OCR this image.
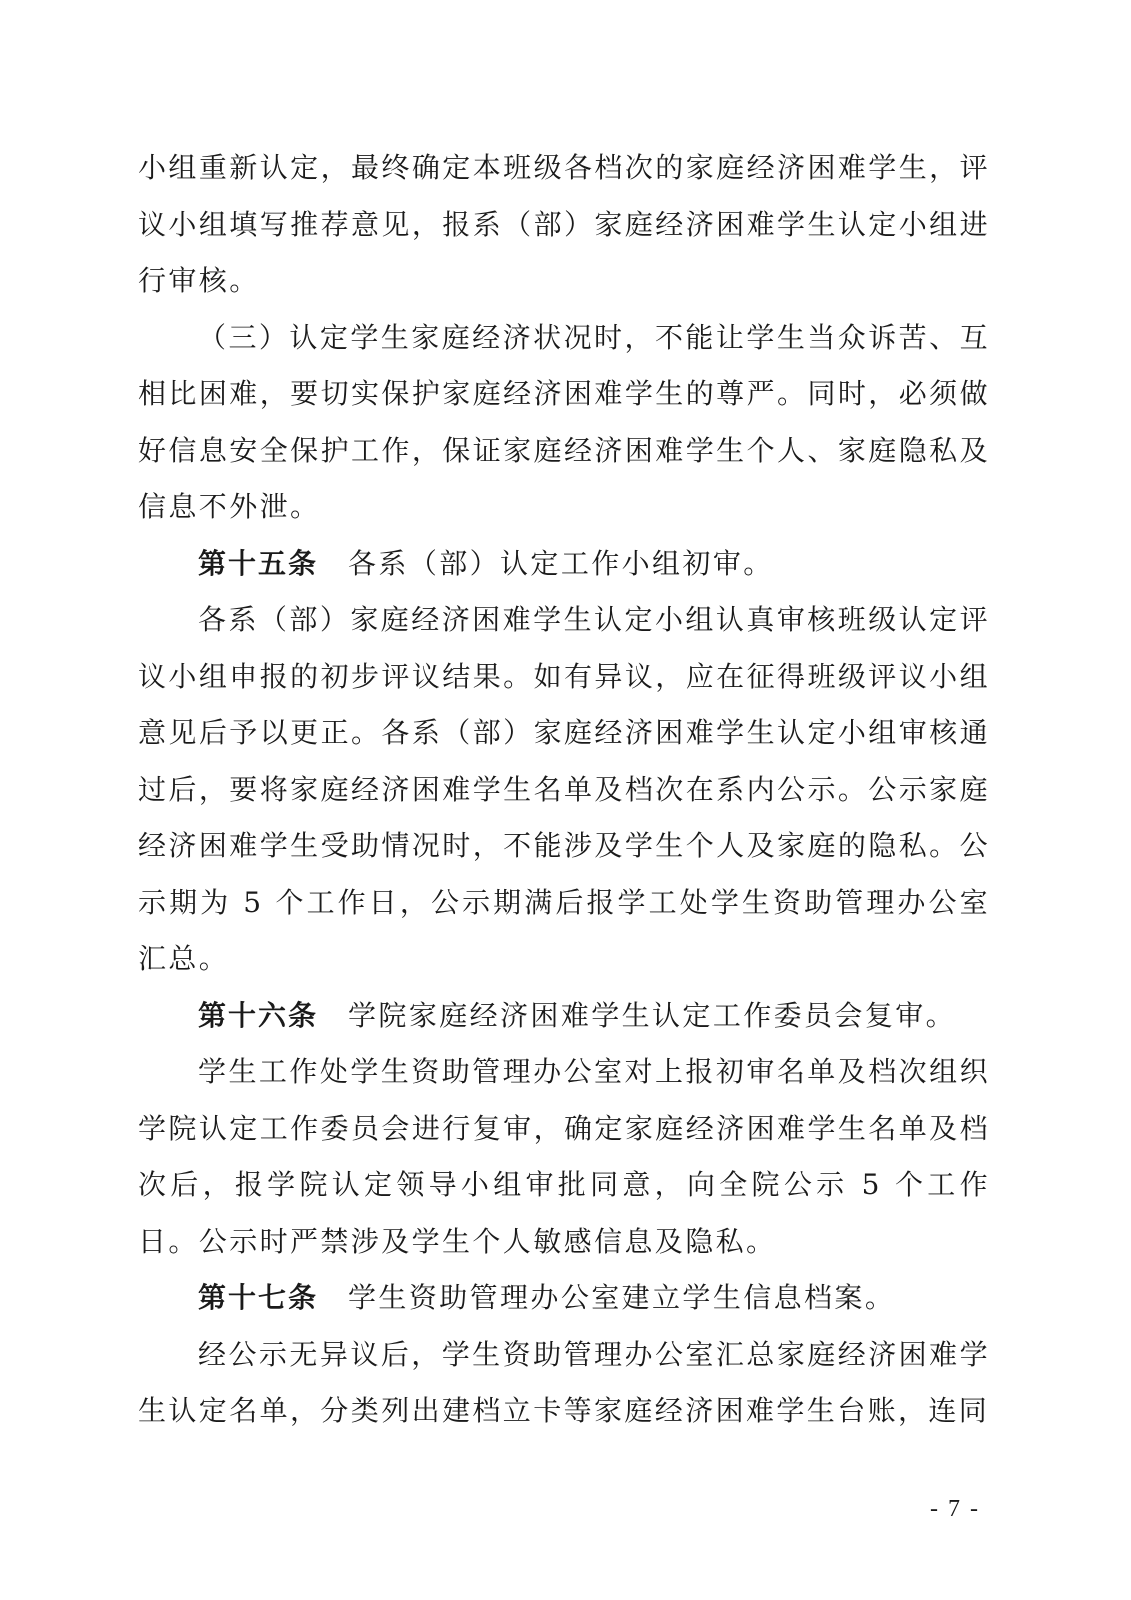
小组重新认定，最终确定本班级各档次的家庭经济困难学生，评议小组填写推荐意见，报系（部）家庭经济困难学生认定小组进行审核。

（三）认定学生家庭经济状况时，不能让学生当众诉苦、互相比困难，要切实保护家庭经济困难学生的尊严。同时，必须做好信息安全保护工作，保证家庭经济困难学生个人、家庭隐私及信息不外泄。

第十五条 各系（部）认定工作小组初审。

各系（部）家庭经济困难学生认定小组认真审核班级认定评议小组申报的初步评议结果。如有异议，应在征得班级评议小组意见后予以更正。各系（部）家庭经济困难学生认定小组审核通过后，要将家庭经济困难学生名单及档次在系内公示。公示家庭经济困难学生受助情况时，不能涉及学生个人及家庭的隐私。公示期为 5 个工作日，公示期满后报学工处学生资助管理办公室汇总。

第十六条 学院家庭经济困难学生认定工作委员会复审。

学生工作处学生资助管理办公室对上报初审名单及档次组织学院认定工作委员会进行复审，确定家庭经济困难学生名单及档次后，报学院认定领导小组审批同意，向全院公示 5 个工作日。公示时严禁涉及学生个人敏感信息及隐私。

第十七条 学生资助管理办公室建立学生信息档案。

经公示无异议后，学生资助管理办公室汇总家庭经济困难学生认定名单，分类列出建档立卡等家庭经济困难学生台账，连同

- 7 -
